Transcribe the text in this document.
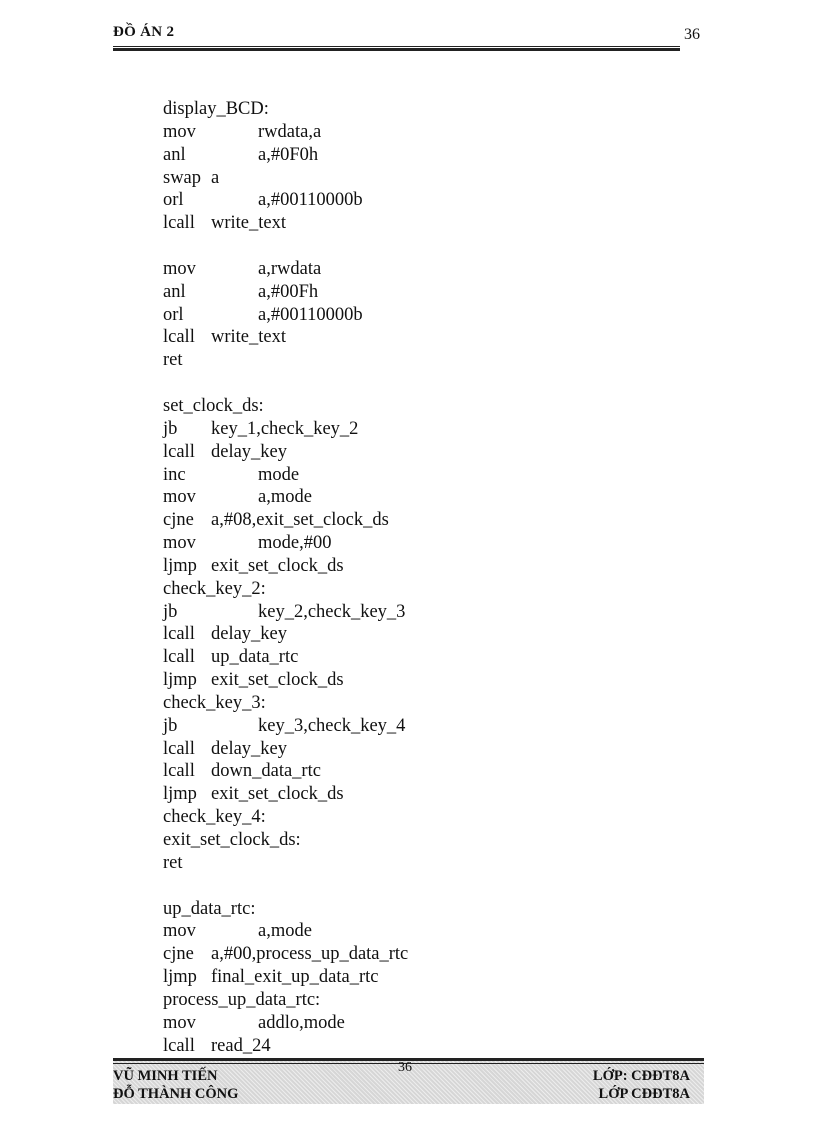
ĐỒ ÁN 2	36
display_BCD:
mov	rwdata,a
anl	a,#0F0h
swap a
orl	a,#00110000b
lcall write_text
mov	a,rwdata
anl	a,#00Fh
orl	a,#00110000b
lcall write_text
ret
set_clock_ds:
jb key_1,check_key_2
lcall delay_key
inc	mode
mov	a,mode
cjne a,#08,exit_set_clock_ds
mov	mode,#00
ljmp exit_set_clock_ds
check_key_2:
jb	key_2,check_key_3
lcall delay_key
lcall up_data_rtc
ljmp exit_set_clock_ds
check_key_3:
jb	key_3,check_key_4
lcall delay_key
lcall down_data_rtc
ljmp exit_set_clock_ds
check_key_4:
exit_set_clock_ds:
ret
up_data_rtc:
mov	a,mode
cjne a,#00,process_up_data_rtc
ljmp final_exit_up_data_rtc
process_up_data_rtc:
mov	addlo,mode
lcall read_24
VŨ MINH TIẾN
ĐỖ THÀNH CÔNG
36
LỚP: CĐĐT8A
LỚP CĐĐT8A
